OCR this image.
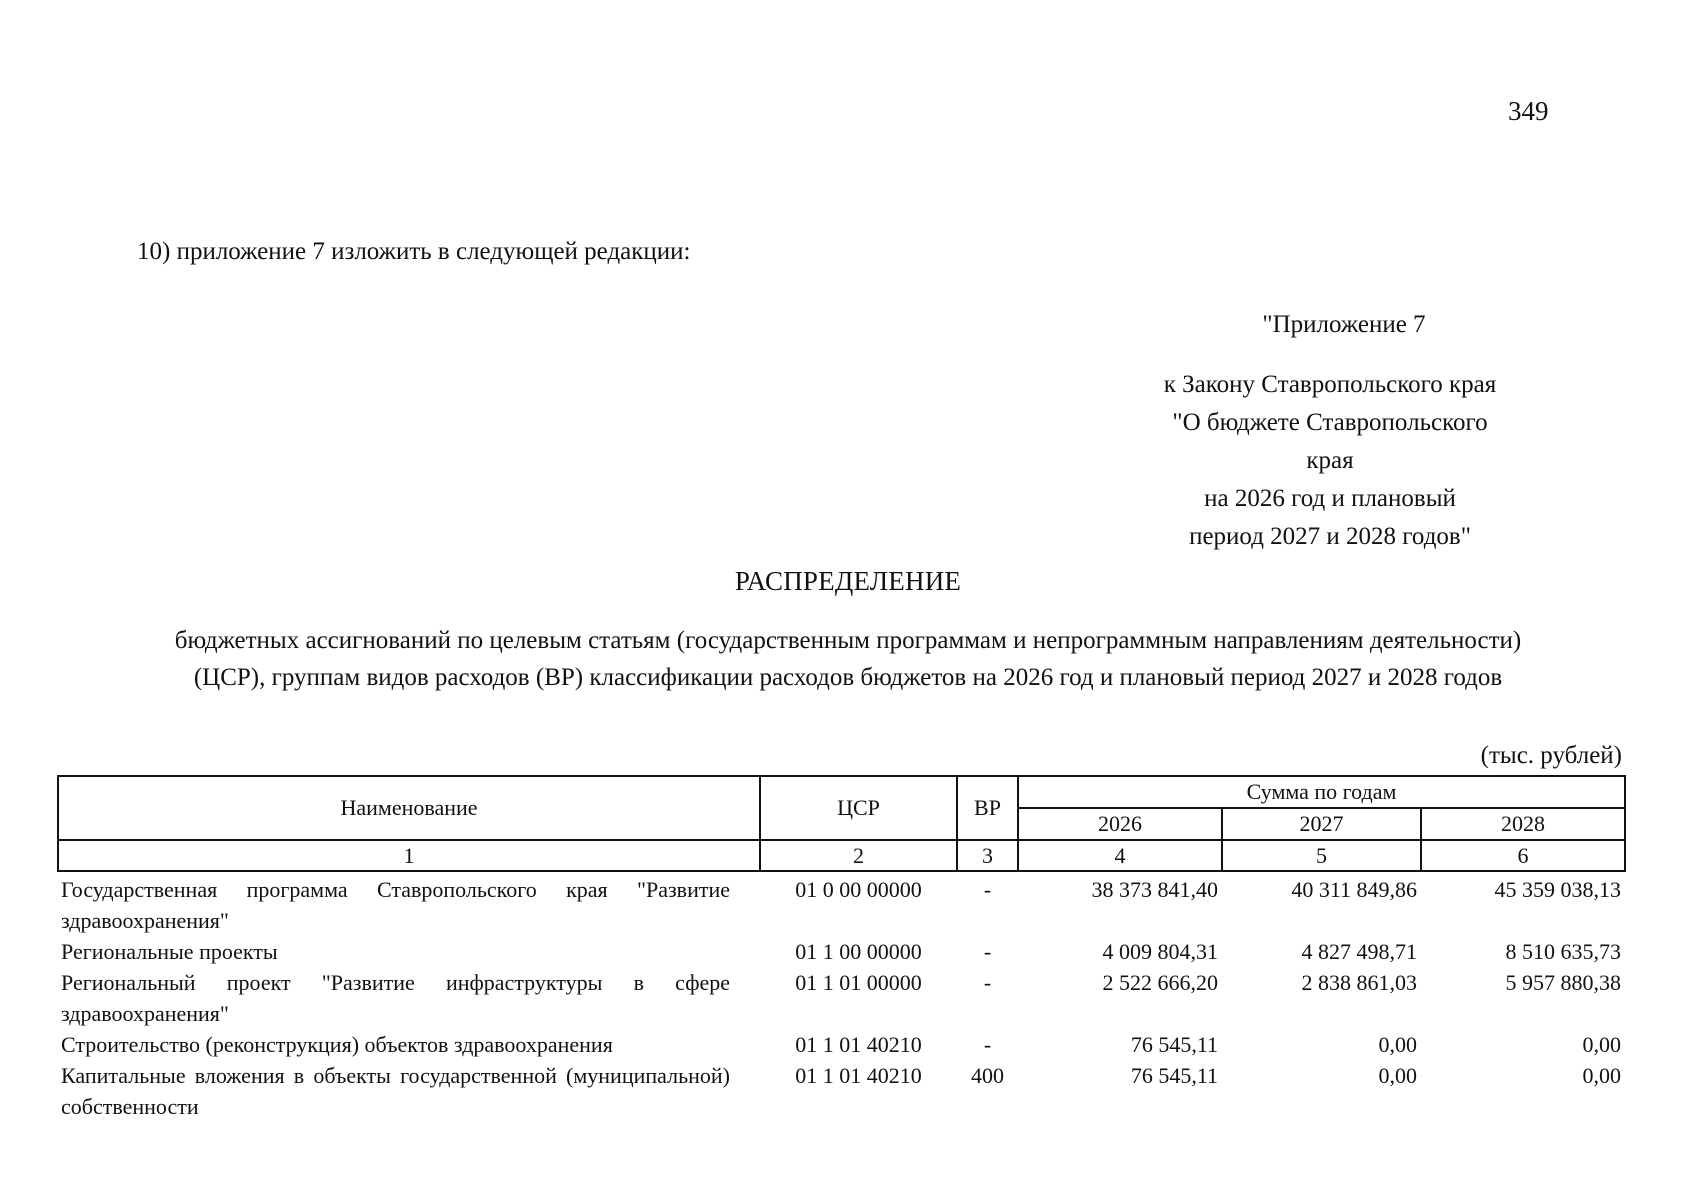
349
10) приложение 7 изложить в следующей редакции:
"Приложение 7
к Закону Ставропольского края
"О бюджете Ставропольского края
на 2026 год и плановый
период 2027 и 2028 годов"
РАСПРЕДЕЛЕНИЕ
бюджетных ассигнований по целевым статьям (государственным программам и непрограммным направлениям деятельности)
(ЦСР), группам видов расходов (ВР) классификации расходов бюджетов на 2026 год и плановый период 2027 и 2028 годов
(тыс. рублей)
Наименование	ЦСР	ВР	Сумма по годам		
			2026	2027	2028
1	2	3	4	5	6
Государственная программа Ставропольского края "Развитие здравоохранения"	01 0 00 00000	-	38 373 841,40	40 311 849,86	45 359 038,13
Региональные проекты	01 1 00 00000	-	4 009 804,31	4 827 498,71	8 510 635,73
Региональный проект "Развитие инфраструктуры в сфере здравоохранения"	01 1 01 00000	-	2 522 666,20	2 838 861,03	5 957 880,38
Строительство (реконструкция) объектов здравоохранения	01 1 01 40210	-	76 545,11	0,00	0,00
Капитальные вложения в объекты государственной (муниципальной) собственности	01 1 01 40210	400	76 545,11	0,00	0,00
